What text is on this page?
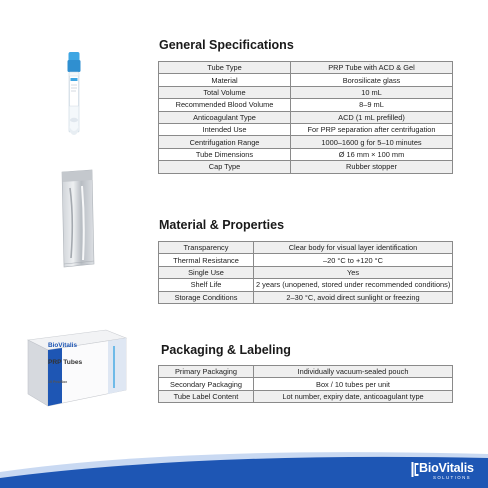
BioVitalis
PRP Tubes
10 Pcs/Box
General Specifications
Tube Type	PRP Tube with ACD & Gel
Material	Borosilicate glass
Total Volume	10 mL
Recommended Blood Volume	8–9 mL
Anticoagulant Type	ACD (1 mL prefilled)
Intended Use	For PRP separation after centrifugation
Centrifugation Range	1000–1600 g for 5–10 minutes
Tube Dimensions	Ø 16 mm × 100 mm
Cap Type	Rubber stopper
Material & Properties
Transparency	Clear body for visual layer identification
Thermal Resistance	–20 °C to +120 °C
Single Use	Yes
Shelf Life	2 years (unopened, stored under recommended conditions)
Storage Conditions	2–30 °C, avoid direct sunlight or freezing
Packaging & Labeling
Primary Packaging	Individually vacuum-sealed pouch
Secondary Packaging	Box / 10 tubes per unit
Tube Label Content	Lot number, expiry date, anticoagulant type
BioVitalis
SOLUTIONS
